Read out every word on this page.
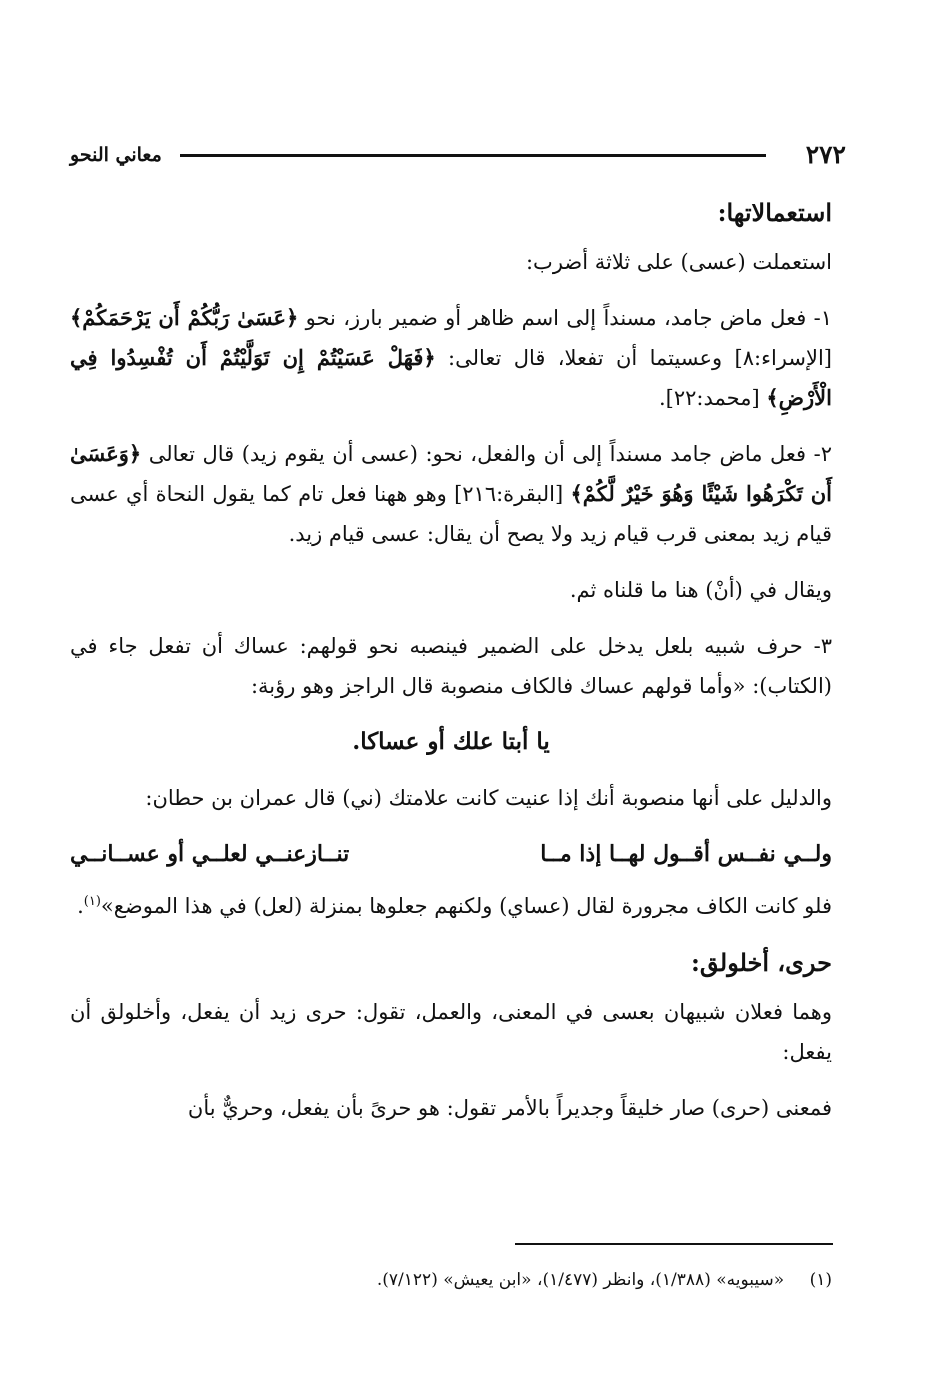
٢٧٢
معاني النحو
استعمالاتها:

استعملت (عسى) على ثلاثة أضرب:

١- فعل ماض جامد، مسنداً إلى اسم ظاهر أو ضمير بارز، نحو ﴿عَسَىٰ رَبُّكُمْ أَن يَرْحَمَكُمْ﴾ [الإسراء:٨] وعسيتما أن تفعلا، قال تعالى: ﴿فَهَلْ عَسَيْتُمْ إِن تَوَلَّيْتُمْ أَن تُفْسِدُوا فِي الْأَرْضِ﴾ [محمد:٢٢].

٢- فعل ماض جامد مسنداً إلى أن والفعل، نحو: (عسى أن يقوم زيد) قال تعالى ﴿وَعَسَىٰ أَن تَكْرَهُوا شَيْئًا وَهُوَ خَيْرٌ لَّكُمْ﴾ [البقرة:٢١٦] وهو ههنا فعل تام كما يقول النحاة أي عسى قيام زيد بمعنى قرب قيام زيد ولا يصح أن يقال: عسى قيام زيد.

ويقال في (أنْ) هنا ما قلناه ثم.

٣- حرف شبيه بلعل يدخل على الضمير فينصبه نحو قولهم: عساك أن تفعل جاء في (الكتاب): «وأما قولهم عساك فالكاف منصوبة قال الراجز وهو رؤبة:

يا أبتا علك أو عساكا.

والدليل على أنها منصوبة أنك إذا عنيت كانت علامتك (ني) قال عمران بن حطان:

ولــي نفــس أقــول لهــا إذا مــا
تنــازعنــي لعلــي أو عســانــي

فلو كانت الكاف مجرورة لقال (عساي) ولكنهم جعلوها بمنزلة (لعل) في هذا الموضع»$^{(١)}$.

حرى، أخلولق:

وهما فعلان شبيهان بعسى في المعنى، والعمل، تقول: حرى زيد أن يفعل، وأخلولق أن يفعل:

فمعنى (حرى) صار خليقاً وجديراً بالأمر تقول: هو حرىً بأن يفعل، وحريٌّ بأن

(١) «سيبويه» (١/٣٨٨)، وانظر (١/٤٧٧)، «ابن يعيش» (٧/١٢٢).
